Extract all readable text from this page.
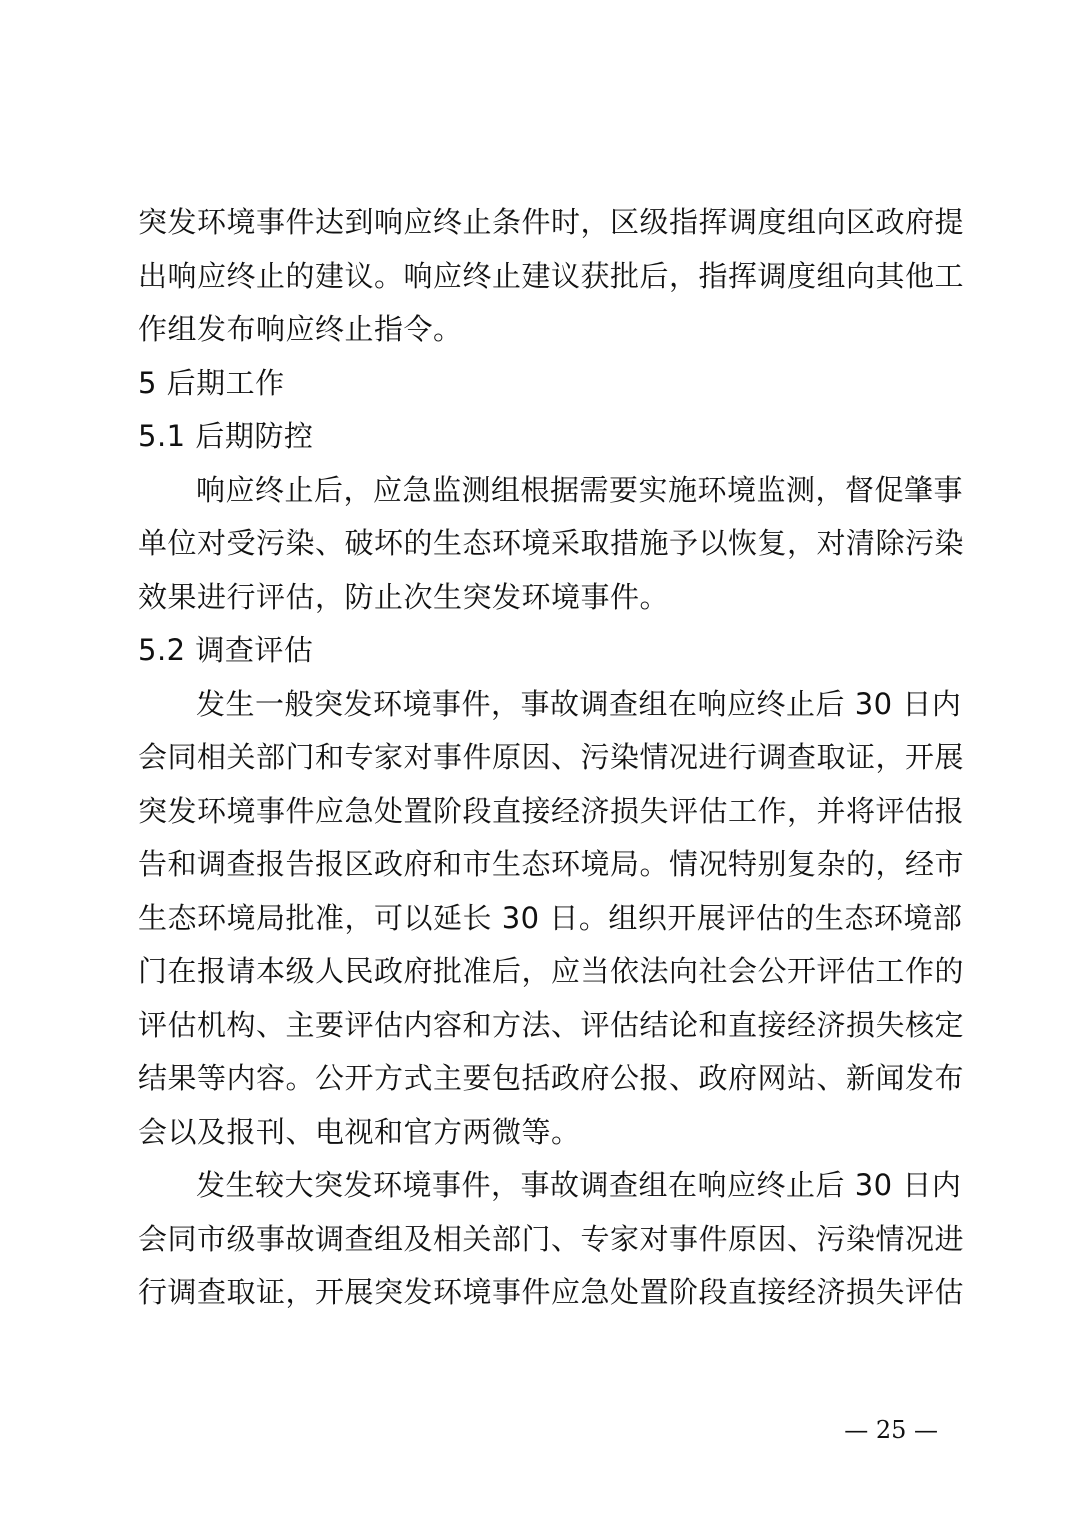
突发环境事件达到响应终止条件时，区级指挥调度组向区政府提
出响应终止的建议。响应终止建议获批后，指挥调度组向其他工
作组发布响应终止指令。
5 后期工作
5.1 后期防控
响应终止后，应急监测组根据需要实施环境监测，督促肇事
单位对受污染、破坏的生态环境采取措施予以恢复，对清除污染
效果进行评估，防止次生突发环境事件。
5.2 调查评估
发生一般突发环境事件，事故调查组在响应终止后 30 日内
会同相关部门和专家对事件原因、污染情况进行调查取证，开展
突发环境事件应急处置阶段直接经济损失评估工作，并将评估报
告和调查报告报区政府和市生态环境局。情况特别复杂的，经市
生态环境局批准，可以延长 30 日。组织开展评估的生态环境部
门在报请本级人民政府批准后，应当依法向社会公开评估工作的
评估机构、主要评估内容和方法、评估结论和直接经济损失核定
结果等内容。公开方式主要包括政府公报、政府网站、新闻发布
会以及报刊、电视和官方两微等。
发生较大突发环境事件，事故调查组在响应终止后 30 日内
会同市级事故调查组及相关部门、专家对事件原因、污染情况进
行调查取证，开展突发环境事件应急处置阶段直接经济损失评估
— 25 —
